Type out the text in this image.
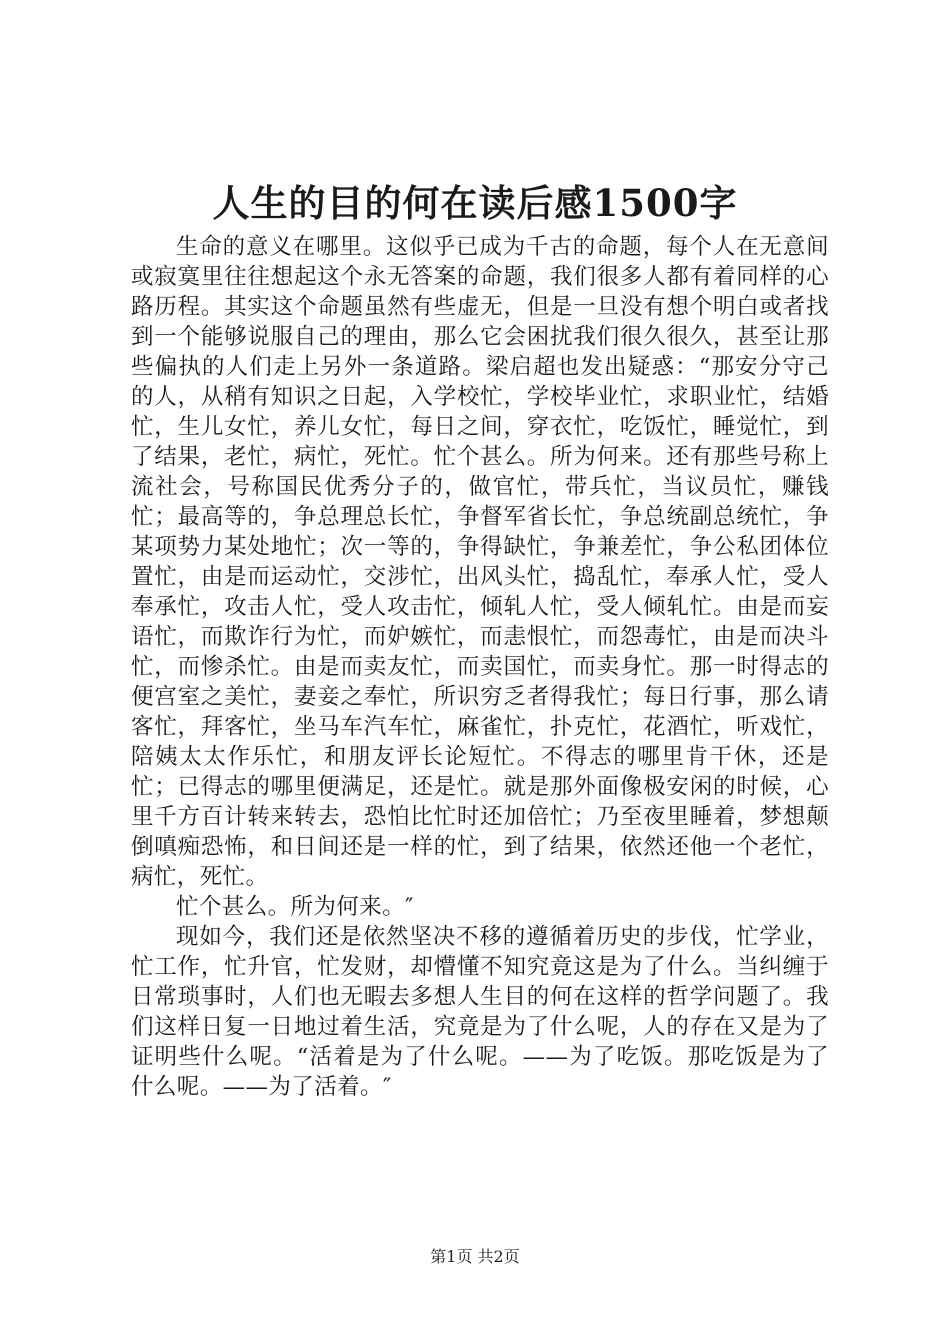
人生的目的何在读后感1500字

生命的意义在哪里。这似乎已成为千古的命题，每个人在无意间或寂寞里往往想起这个永无答案的命题，我们很多人都有着同样的心路历程。其实这个命题虽然有些虚无，但是一旦没有想个明白或者找到一个能够说服自己的理由，那么它会困扰我们很久很久，甚至让那些偏执的人们走上另外一条道路。梁启超也发出疑惑：“那安分守己的人，从稍有知识之日起，入学校忙，学校毕业忙，求职业忙，结婚忙，生儿女忙，养儿女忙，每日之间，穿衣忙，吃饭忙，睡觉忙，到了结果，老忙，病忙，死忙。忙个甚么。所为何来。还有那些号称上流社会，号称国民优秀分子的，做官忙，带兵忙，当议员忙，赚钱忙；最高等的，争总理总长忙，争督军省长忙，争总统副总统忙，争某项势力某处地忙；次一等的，争得缺忙，争兼差忙，争公私团体位置忙，由是而运动忙，交涉忙，出风头忙，捣乱忙，奉承人忙，受人奉承忙，攻击人忙，受人攻击忙，倾轧人忙，受人倾轧忙。由是而妄语忙，而欺诈行为忙，而妒嫉忙，而恚恨忙，而怨毒忙，由是而决斗忙，而惨杀忙。由是而卖友忙，而卖国忙，而卖身忙。那一时得志的便宫室之美忙，妻妾之奉忙，所识穷乏者得我忙；每日行事，那么请客忙，拜客忙，坐马车汽车忙，麻雀忙，扑克忙，花酒忙，听戏忙，陪姨太太作乐忙，和朋友评长论短忙。不得志的哪里肯干休，还是忙；已得志的哪里便满足，还是忙。就是那外面像极安闲的时候，心里千方百计转来转去，恐怕比忙时还加倍忙；乃至夜里睡着，梦想颠倒嗔痴恐怖，和日间还是一样的忙，到了结果，依然还他一个老忙，病忙，死忙。

忙个甚么。所为何来。″

现如今，我们还是依然坚决不移的遵循着历史的步伐，忙学业，忙工作，忙升官，忙发财，却懵懂不知究竟这是为了什么。当纠缠于日常琐事时，人们也无暇去多想人生目的何在这样的哲学问题了。我们这样日复一日地过着生活，究竟是为了什么呢，人的存在又是为了证明些什么呢。“活着是为了什么呢。——为了吃饭。那吃饭是为了什么呢。——为了活着。″

第1页 共2页
